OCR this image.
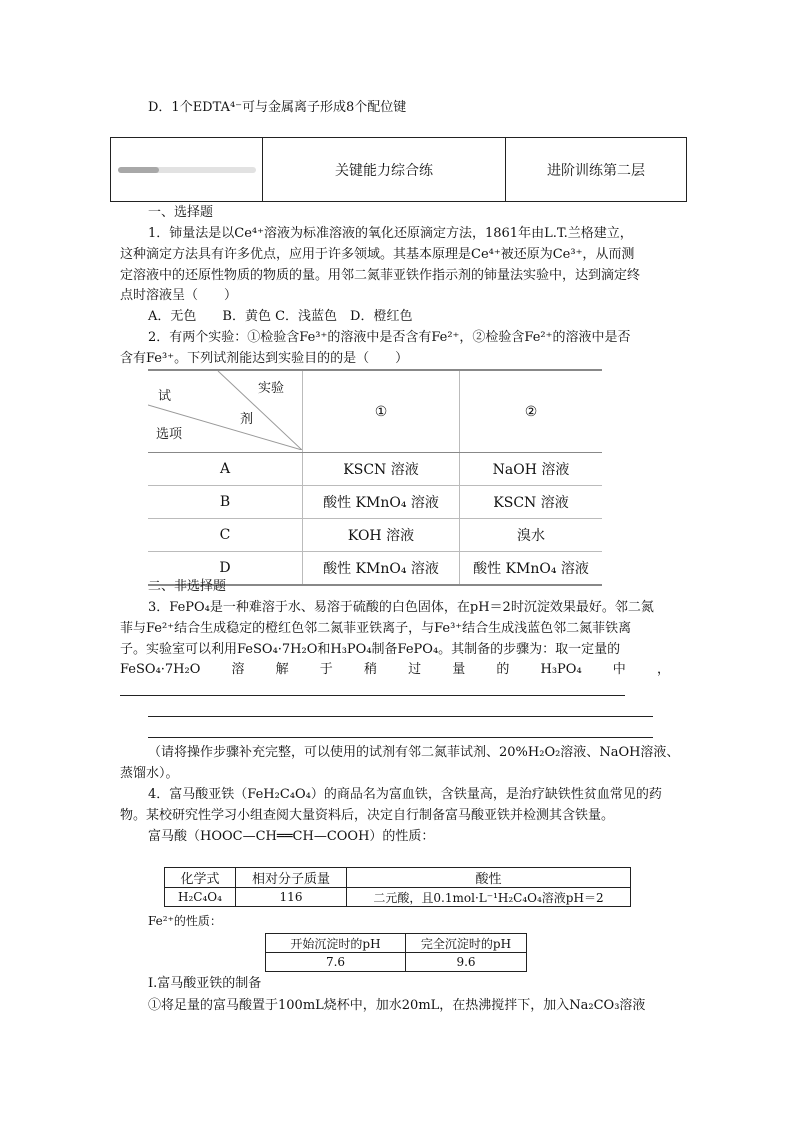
D．1个EDTA⁴⁻可与金属离子形成8个配位键
关键能力综合练	进阶训练第二层
一、选择题
1．铈量法是以Ce⁴⁺溶液为标准溶液的氧化还原滴定方法，1861年由L.T.兰格建立，
这种滴定方法具有许多优点，应用于许多领域。其基本原理是Ce⁴⁺被还原为Ce³⁺，从而测
定溶液中的还原性物质的物质的量。用邻二氮菲亚铁作指示剂的铈量法实验中，达到滴定终
点时溶液呈（　　）
A．无色　　B．黄色 C．浅蓝色　D．橙红色
2．有两个实验：①检验含Fe³⁺的溶液中是否含有Fe²⁺，②检验含Fe²⁺的溶液中是否
含有Fe³⁺。下列试剂能达到实验目的的是（　　）
实验
试
剂
选项	①	②
A	KSCN 溶液	NaOH 溶液
B	酸性 KMnO₄ 溶液	KSCN 溶液
C	KOH 溶液	溴水
D	酸性 KMnO₄ 溶液	酸性 KMnO₄ 溶液
二、非选择题
3．FePO₄是一种难溶于水、易溶于硫酸的白色固体，在pH＝2时沉淀效果最好。邻二氮
菲与Fe²⁺结合生成稳定的橙红色邻二氮菲亚铁离子，与Fe³⁺结合生成浅蓝色邻二氮菲铁离
子。实验室可以利用FeSO₄·7H₂O和H₃PO₄制备FePO₄。其制备的步骤为：取一定量的
FeSO₄·7H₂O 溶 解 于 稍 过 量 的 H₃PO₄ 中 ，
（请将操作步骤补充完整，可以使用的试剂有邻二氮菲试剂、20%H₂O₂溶液、NaOH溶液、
蒸馏水）。
4．富马酸亚铁（FeH₂C₄O₄）的商品名为富血铁，含铁量高，是治疗缺铁性贫血常见的药
物。某校研究性学习小组查阅大量资料后，决定自行制备富马酸亚铁并检测其含铁量。
富马酸（HOOC—CH══CH—COOH）的性质：
化学式	相对分子质量	酸性
H₂C₄O₄	116	二元酸，且0.1mol·L⁻¹H₂C₄O₄溶液pH＝2
Fe²⁺的性质：
开始沉淀时的pH	完全沉淀时的pH
7.6	9.6
Ⅰ.富马酸亚铁的制备
①将足量的富马酸置于100mL烧杯中，加水20mL，在热沸搅拌下，加入Na₂CO₃溶液
